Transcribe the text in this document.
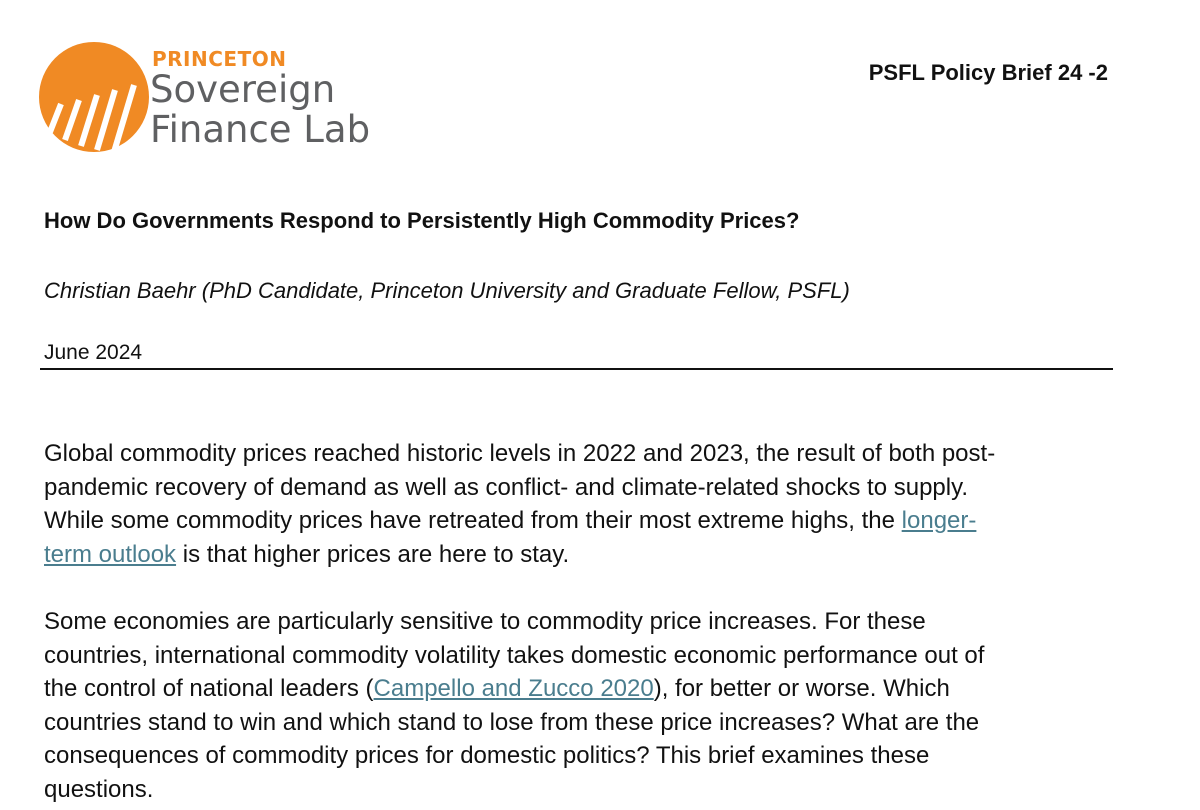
PRINCETON
Sovereign
Finance Lab
PSFL Policy Brief 24 -2
How Do Governments Respond to Persistently High Commodity Prices?
Christian Baehr (PhD Candidate, Princeton University and Graduate Fellow, PSFL)
June 2024
Global commodity prices reached historic levels in 2022 and 2023, the result of both post-
pandemic recovery of demand as well as conflict- and climate-related shocks to supply.
While some commodity prices have retreated from their most extreme highs, the longer-
term outlook is that higher prices are here to stay.
Some economies are particularly sensitive to commodity price increases. For these
countries, international commodity volatility takes domestic economic performance out of
the control of national leaders (Campello and Zucco 2020), for better or worse. Which
countries stand to win and which stand to lose from these price increases? What are the
consequences of commodity prices for domestic politics? This brief examines these
questions.
